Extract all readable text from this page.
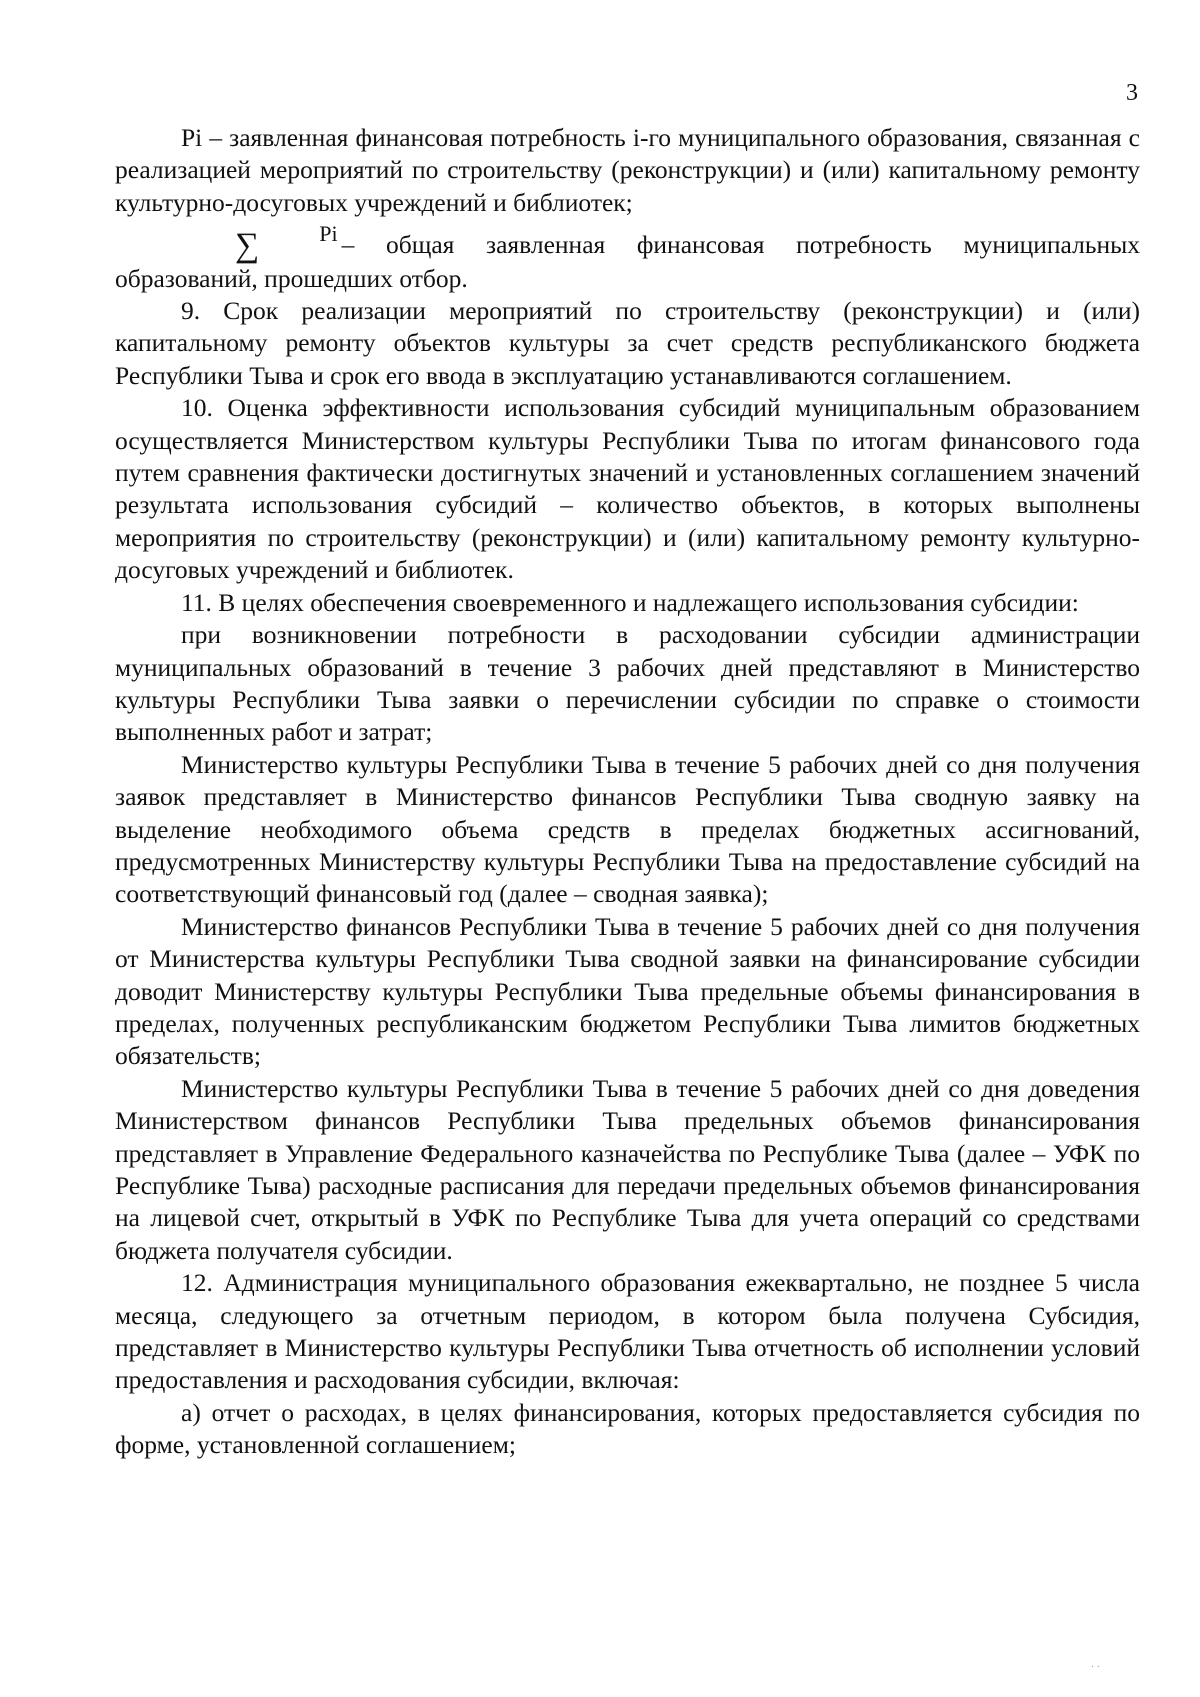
3

Pi – заявленная финансовая потребность i-го муниципального образования, связанная с реализацией мероприятий по строительству (реконструкции) и (или) капитальному ремонту культурно-досуговых учреждений и библиотек;

∑	Pi – общая заявленная финансовая потребность муниципальных образований, прошедших отбор.

9. Срок реализации мероприятий по строительству (реконструкции) и (или) капитальному ремонту объектов культуры за счет средств республиканского бюджета Республики Тыва и срок его ввода в эксплуатацию устанавливаются соглашением.

10. Оценка эффективности использования субсидий муниципальным образованием осуществляется Министерством культуры Республики Тыва по итогам финансового года путем сравнения фактически достигнутых значений и установленных соглашением значений результата использования субсидий – количество объектов, в которых выполнены мероприятия по строительству (реконструкции) и (или) капитальному ремонту культурно-досуговых учреждений и библиотек.

11. В целях обеспечения своевременного и надлежащего использования субсидии:

при возникновении потребности в расходовании субсидии администрации муниципальных образований в течение 3 рабочих дней представляют в Министерство культуры Республики Тыва заявки о перечислении субсидии по справке о стоимости выполненных работ и затрат;

Министерство культуры Республики Тыва в течение 5 рабочих дней со дня получения заявок представляет в Министерство финансов Республики Тыва сводную заявку на выделение необходимого объема средств в пределах бюджетных ассигнований, предусмотренных Министерству культуры Республики Тыва на предоставление субсидий на соответствующий финансовый год (далее – сводная заявка);

Министерство финансов Республики Тыва в течение 5 рабочих дней со дня получения от Министерства культуры Республики Тыва сводной заявки на финансирование субсидии доводит Министерству культуры Республики Тыва предельные объемы финансирования в пределах, полученных республиканским бюджетом Республики Тыва лимитов бюджетных обязательств;

Министерство культуры Республики Тыва в течение 5 рабочих дней со дня доведения Министерством финансов Республики Тыва предельных объемов финансирования представляет в Управление Федерального казначейства по Республике Тыва (далее – УФК по Республике Тыва) расходные расписания для передачи предельных объемов финансирования на лицевой счет, открытый в УФК по Республике Тыва для учета операций со средствами бюджета получателя субсидии.

12. Администрация муниципального образования ежеквартально, не позднее 5 числа месяца, следующего за отчетным периодом, в котором была получена Субсидия, представляет в Министерство культуры Республики Тыва отчетность об исполнении условий предоставления и расходования субсидии, включая:

а) отчет о расходах, в целях финансирования, которых предоставляется субсидия по форме, установленной соглашением;

· ·
